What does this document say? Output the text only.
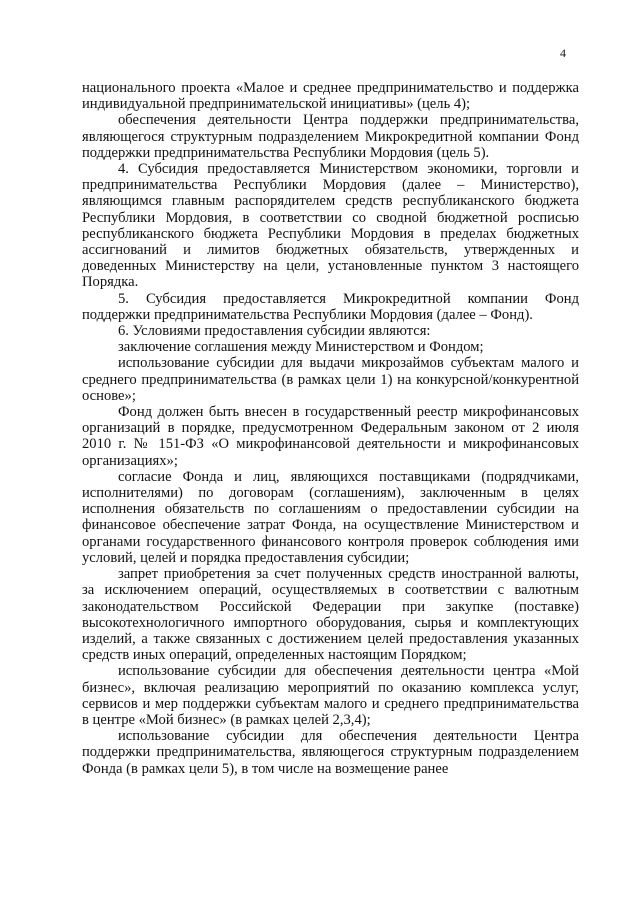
4

национального проекта «Малое и среднее предпринимательство и поддержка индивидуальной предпринимательской инициативы» (цель 4);

обеспечения деятельности Центра поддержки предпринимательства, являющегося структурным подразделением Микрокредитной компании Фонд поддержки предпринимательства Республики Мордовия (цель 5).

4. Субсидия предоставляется Министерством экономики, торговли и предпринимательства Республики Мордовия (далее – Министерство), являющимся главным распорядителем средств республиканского бюджета Республики Мордовия, в соответствии со сводной бюджетной росписью республиканского бюджета Республики Мордовия в пределах бюджетных ассигнований и лимитов бюджетных обязательств, утвержденных и доведенных Министерству на цели, установленные пунктом 3 настоящего Порядка.

5. Субсидия предоставляется Микрокредитной компании Фонд поддержки предпринимательства Республики Мордовия (далее – Фонд).

6. Условиями предоставления субсидии являются:

заключение соглашения между Министерством и Фондом;

использование субсидии для выдачи микрозаймов субъектам малого и среднего предпринимательства (в рамках цели 1) на конкурсной/конкурентной основе»;

Фонд должен быть внесен в государственный реестр микрофинансовых организаций в порядке, предусмотренном Федеральным законом от 2 июля 2010 г. № 151-ФЗ «О микрофинансовой деятельности и микрофинансовых организациях»;

согласие Фонда и лиц, являющихся поставщиками (подрядчиками, исполнителями) по договорам (соглашениям), заключенным в целях исполнения обязательств по соглашениям о предоставлении субсидии на финансовое обеспечение затрат Фонда, на осуществление Министерством и органами государственного финансового контроля проверок соблюдения ими условий, целей и порядка предоставления субсидии;

запрет приобретения за счет полученных средств иностранной валюты, за исключением операций, осуществляемых в соответствии с валютным законодательством Российской Федерации при закупке (поставке) высокотехнологичного импортного оборудования, сырья и комплектующих изделий, а также связанных с достижением целей предоставления указанных средств иных операций, определенных настоящим Порядком;

использование субсидии для обеспечения деятельности центра «Мой бизнес», включая реализацию мероприятий по оказанию комплекса услуг, сервисов и мер поддержки субъектам малого и среднего предпринимательства в центре «Мой бизнес» (в рамках целей 2,3,4);

использование субсидии для обеспечения деятельности Центра поддержки предпринимательства, являющегося структурным подразделением Фонда (в рамках цели 5), в том числе на возмещение ранее
